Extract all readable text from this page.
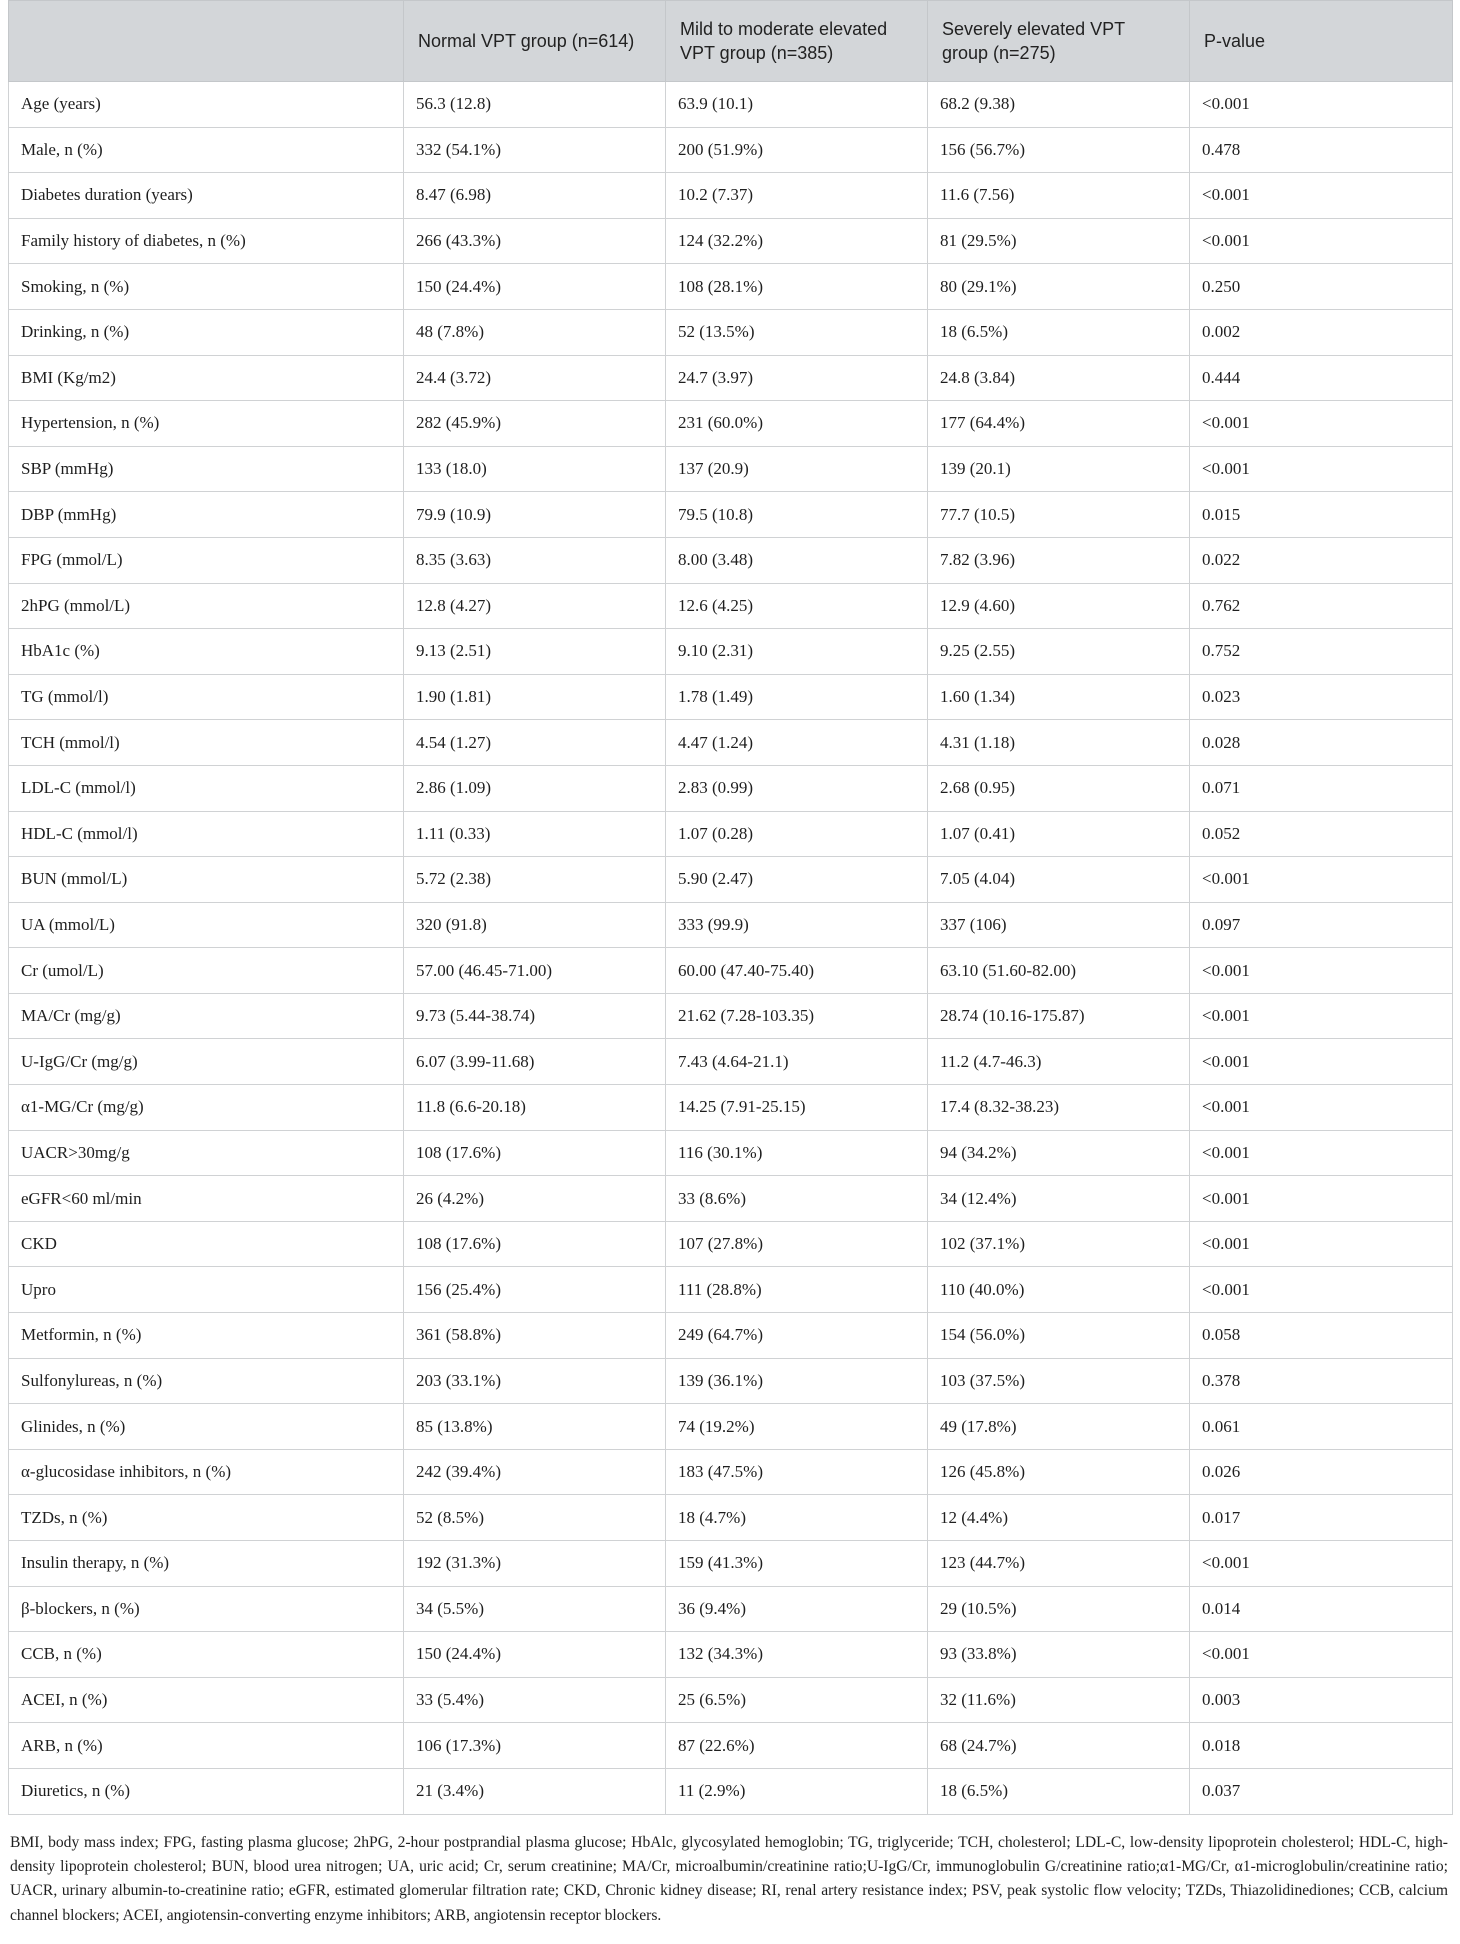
	Normal VPT group (n=614)	Mild to moderate elevated VPT group (n=385)	Severely elevated VPT group (n=275)	P-value
Age (years)	56.3 (12.8)	63.9 (10.1)	68.2 (9.38)	<0.001
Male, n (%)	332 (54.1%)	200 (51.9%)	156 (56.7%)	0.478
Diabetes duration (years)	8.47 (6.98)	10.2 (7.37)	11.6 (7.56)	<0.001
Family history of diabetes, n (%)	266 (43.3%)	124 (32.2%)	81 (29.5%)	<0.001
Smoking, n (%)	150 (24.4%)	108 (28.1%)	80 (29.1%)	0.250
Drinking, n (%)	48 (7.8%)	52 (13.5%)	18 (6.5%)	0.002
BMI (Kg/m2)	24.4 (3.72)	24.7 (3.97)	24.8 (3.84)	0.444
Hypertension, n (%)	282 (45.9%)	231 (60.0%)	177 (64.4%)	<0.001
SBP (mmHg)	133 (18.0)	137 (20.9)	139 (20.1)	<0.001
DBP (mmHg)	79.9 (10.9)	79.5 (10.8)	77.7 (10.5)	0.015
FPG (mmol/L)	8.35 (3.63)	8.00 (3.48)	7.82 (3.96)	0.022
2hPG (mmol/L)	12.8 (4.27)	12.6 (4.25)	12.9 (4.60)	0.762
HbA1c (%)	9.13 (2.51)	9.10 (2.31)	9.25 (2.55)	0.752
TG (mmol/l)	1.90 (1.81)	1.78 (1.49)	1.60 (1.34)	0.023
TCH (mmol/l)	4.54 (1.27)	4.47 (1.24)	4.31 (1.18)	0.028
LDL-C (mmol/l)	2.86 (1.09)	2.83 (0.99)	2.68 (0.95)	0.071
HDL-C (mmol/l)	1.11 (0.33)	1.07 (0.28)	1.07 (0.41)	0.052
BUN (mmol/L)	5.72 (2.38)	5.90 (2.47)	7.05 (4.04)	<0.001
UA (mmol/L)	320 (91.8)	333 (99.9)	337 (106)	0.097
Cr (umol/L)	57.00 (46.45-71.00)	60.00 (47.40-75.40)	63.10 (51.60-82.00)	<0.001
MA/Cr (mg/g)	9.73 (5.44-38.74)	21.62 (7.28-103.35)	28.74 (10.16-175.87)	<0.001
U-IgG/Cr (mg/g)	6.07 (3.99-11.68)	7.43 (4.64-21.1)	11.2 (4.7-46.3)	<0.001
α1-MG/Cr (mg/g)	11.8 (6.6-20.18)	14.25 (7.91-25.15)	17.4 (8.32-38.23)	<0.001
UACR>30mg/g	108 (17.6%)	116 (30.1%)	94 (34.2%)	<0.001
eGFR<60 ml/min	26 (4.2%)	33 (8.6%)	34 (12.4%)	<0.001
CKD	108 (17.6%)	107 (27.8%)	102 (37.1%)	<0.001
Upro	156 (25.4%)	111 (28.8%)	110 (40.0%)	<0.001
Metformin, n (%)	361 (58.8%)	249 (64.7%)	154 (56.0%)	0.058
Sulfonylureas, n (%)	203 (33.1%)	139 (36.1%)	103 (37.5%)	0.378
Glinides, n (%)	85 (13.8%)	74 (19.2%)	49 (17.8%)	0.061
α-glucosidase inhibitors, n (%)	242 (39.4%)	183 (47.5%)	126 (45.8%)	0.026
TZDs, n (%)	52 (8.5%)	18 (4.7%)	12 (4.4%)	0.017
Insulin therapy, n (%)	192 (31.3%)	159 (41.3%)	123 (44.7%)	<0.001
β-blockers, n (%)	34 (5.5%)	36 (9.4%)	29 (10.5%)	0.014
CCB, n (%)	150 (24.4%)	132 (34.3%)	93 (33.8%)	<0.001
ACEI, n (%)	33 (5.4%)	25 (6.5%)	32 (11.6%)	0.003
ARB, n (%)	106 (17.3%)	87 (22.6%)	68 (24.7%)	0.018
Diuretics, n (%)	21 (3.4%)	11 (2.9%)	18 (6.5%)	0.037

BMI, body mass index; FPG, fasting plasma glucose; 2hPG, 2-hour postprandial plasma glucose; HbAlc, glycosylated hemoglobin; TG, triglyceride; TCH, cholesterol; LDL-C, low-density lipoprotein cholesterol; HDL-C, high-density lipoprotein cholesterol; BUN, blood urea nitrogen; UA, uric acid; Cr, serum creatinine; MA/Cr, microalbumin/creatinine ratio;U-IgG/Cr, immunoglobulin G/creatinine ratio;α1-MG/Cr, α1-microglobulin/creatinine ratio; UACR, urinary albumin-to-creatinine ratio; eGFR, estimated glomerular filtration rate; CKD, Chronic kidney disease; RI, renal artery resistance index; PSV, peak systolic flow velocity; TZDs, Thiazolidinediones; CCB, calcium channel blockers; ACEI, angiotensin-converting enzyme inhibitors; ARB, angiotensin receptor blockers.
